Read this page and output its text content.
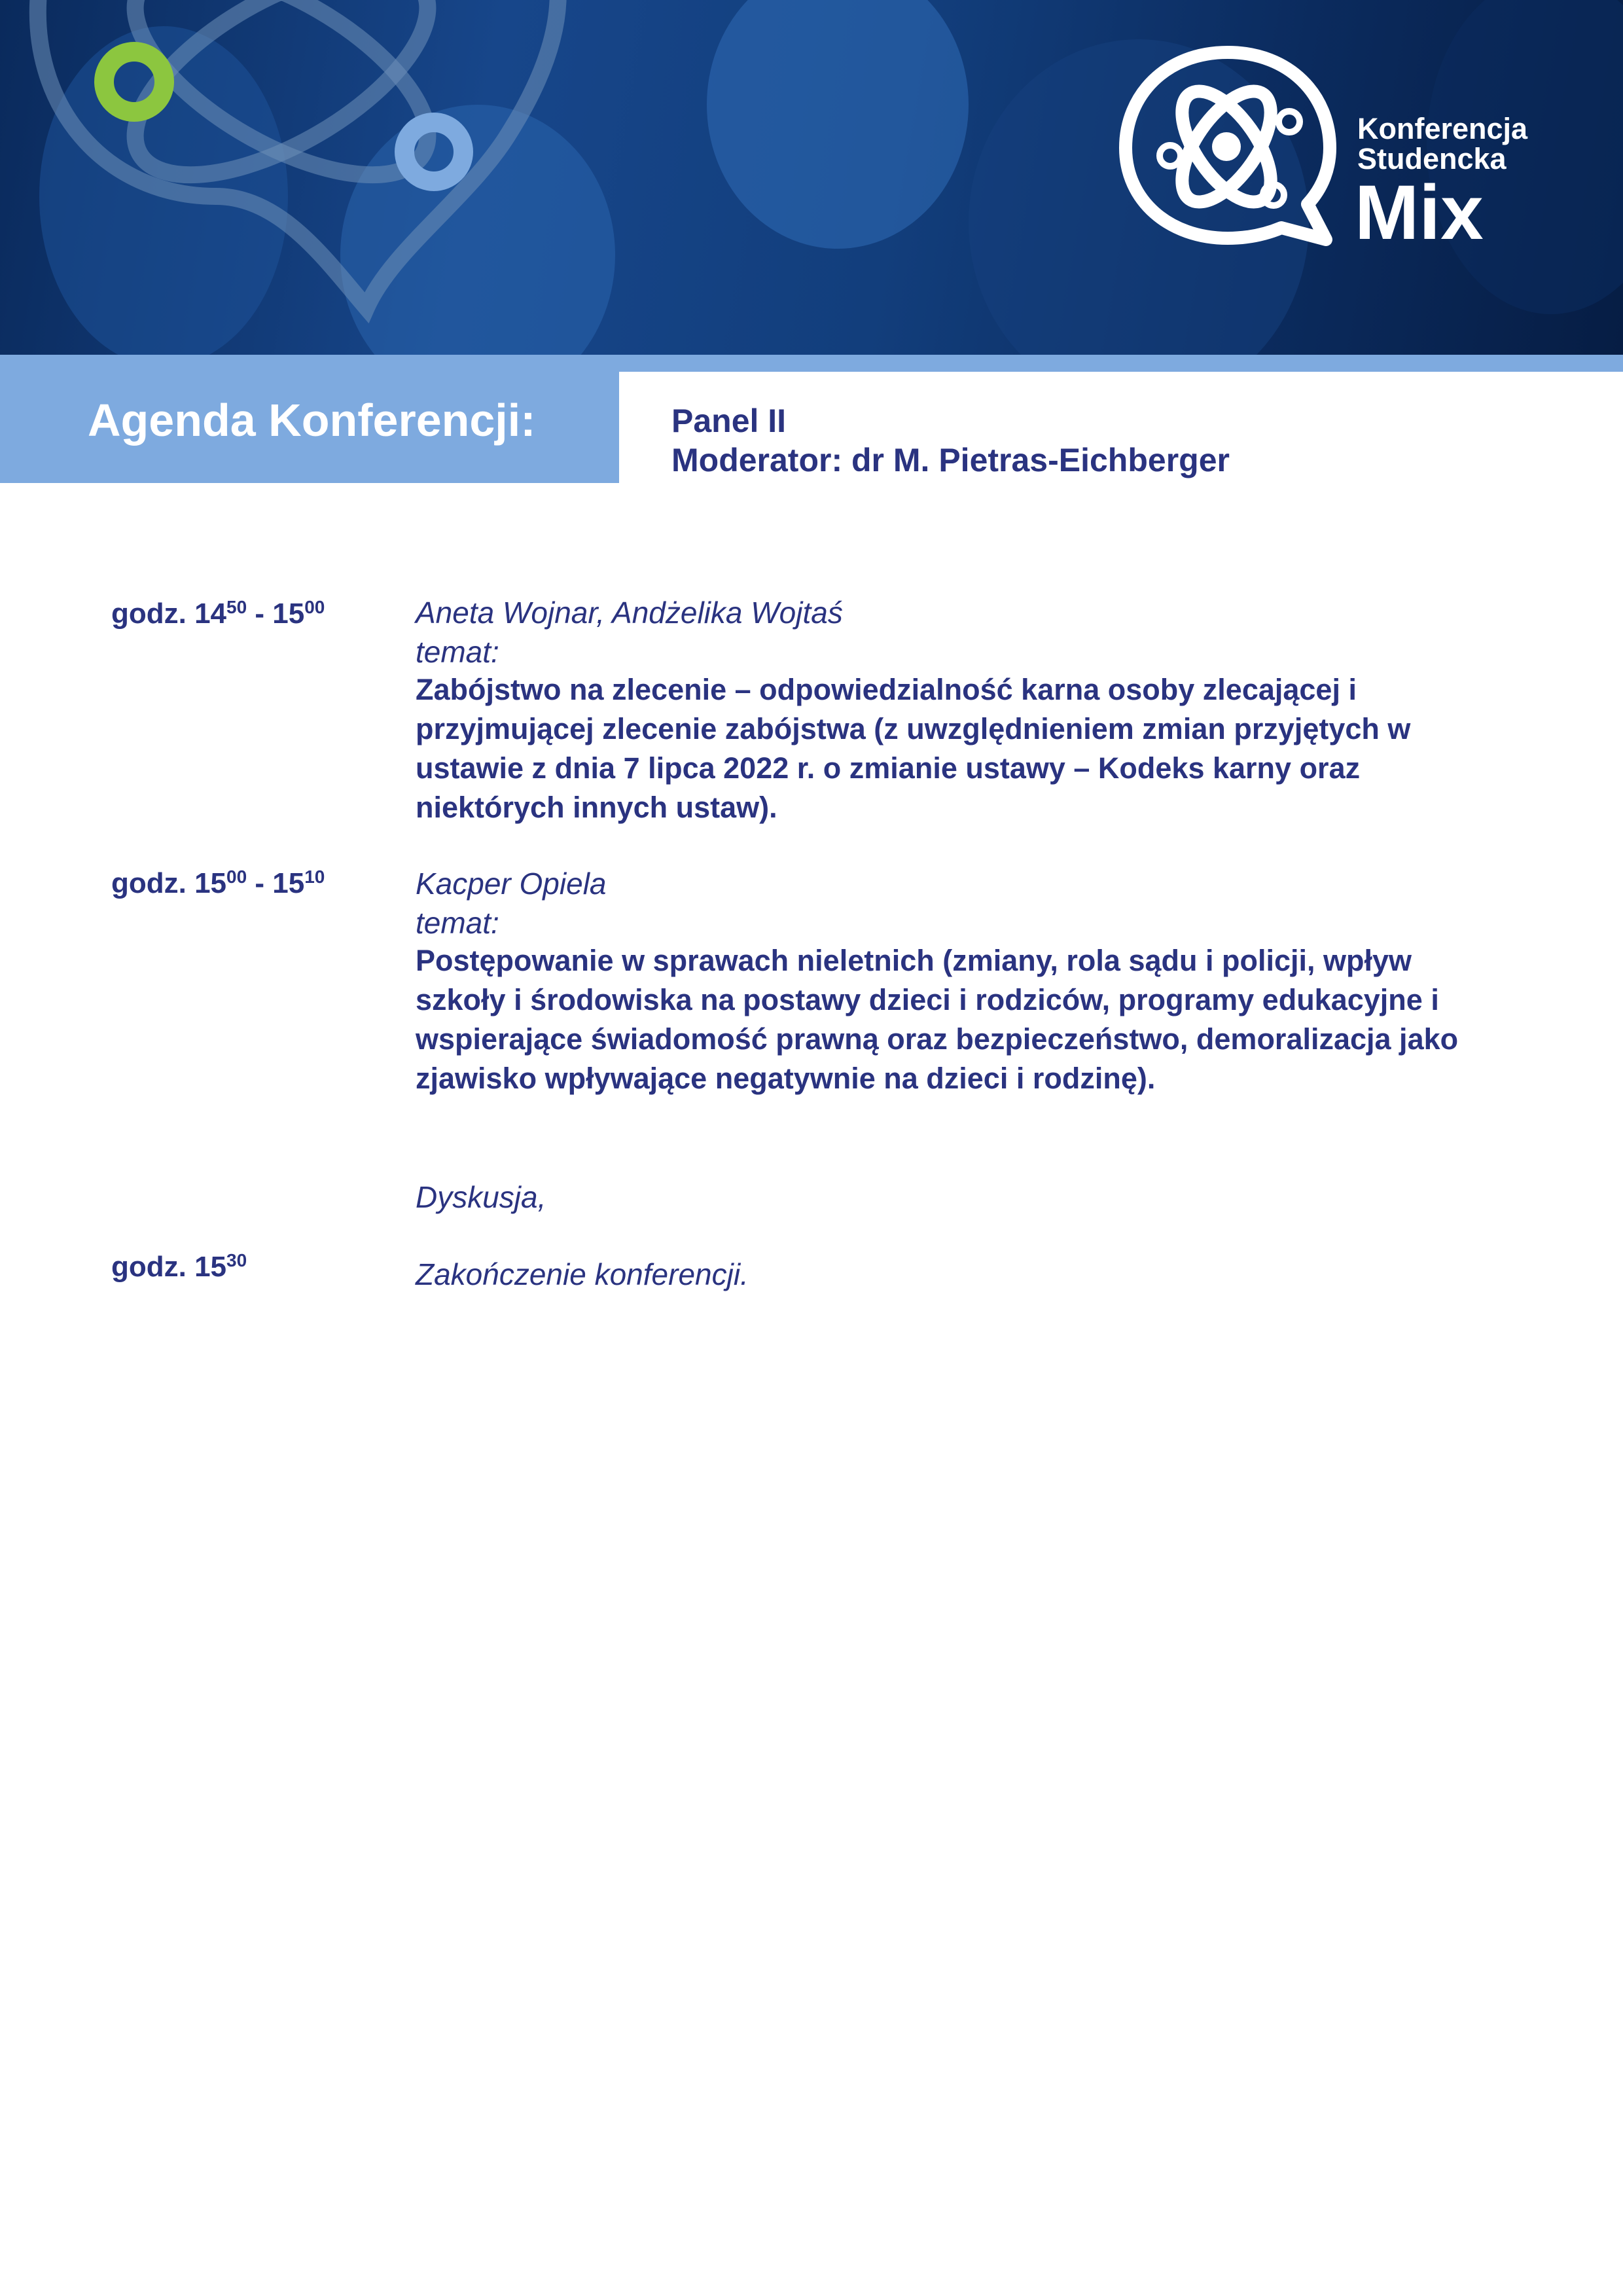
Konferencja
Studencka
Mix
Agenda Konferencji:	Panel II
Moderator: dr M. Pietras-Eichberger
godz. $14^{50} - 15^{00}$	Aneta Wojnar, Andżelika Wojtaś
temat:

Zabójstwo na zlecenie – odpowiedzialność karna osoby zlecającej i przyjmującej zlecenie zabójstwa (z uwzględnieniem zmian przyjętych w ustawie z dnia 7 lipca 2022 r. o zmianie ustawy – Kodeks karny oraz niektórych innych ustaw).

godz. $15^{00} - 15^{10}$	Kacper Opiela
temat:

Postępowanie w sprawach nieletnich (zmiany, rola sądu i policji, wpływ szkoły i środowiska na postawy dzieci i rodziców, programy edukacyjne i wspierające świadomość prawną oraz bezpieczeństwo, demoralizacja jako zjawisko wpływające negatywnie na dzieci i rodzinę).

Dyskusja,
godz. $15^{30}$	Zakończenie konferencji.
